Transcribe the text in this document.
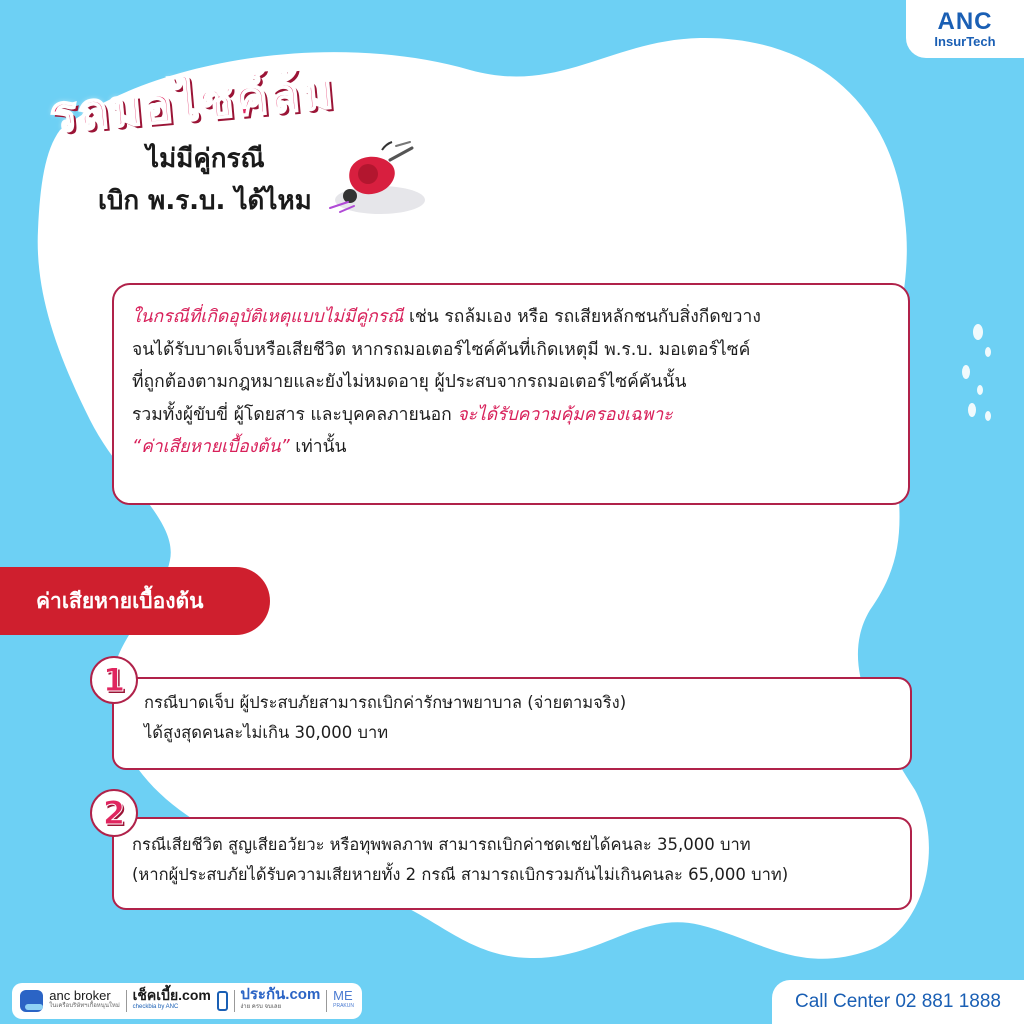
ANC
InsurTech
รถมอไซค์ล้ม
ไม่มีคู่กรณี
เบิก พ.ร.บ. ได้ไหม

ในกรณีที่เกิดอุบัติเหตุแบบไม่มีคู่กรณี เช่น รถล้มเอง หรือ รถเสียหลักชนกับสิ่งกีดขวาง

จนได้รับบาดเจ็บหรือเสียชีวิต หากรถมอเตอร์ไซค์คันที่เกิดเหตุมี พ.ร.บ. มอเตอร์ไซค์

ที่ถูกต้องตามกฎหมายและยังไม่หมดอายุ ผู้ประสบจากรถมอเตอร์ไซค์คันนั้น

รวมทั้งผู้ขับขี่ ผู้โดยสาร และบุคคลภายนอก จะได้รับความคุ้มครองเฉพาะ

“ค่าเสียหายเบื้องต้น” เท่านั้น

ค่าเสียหายเบื้องต้น

กรณีบาดเจ็บ ผู้ประสบภัยสามารถเบิกค่ารักษาพยาบาล (จ่ายตามจริง)

ได้สูงสุดคนละไม่เกิน 30,000 บาท

1

กรณีเสียชีวิต สูญเสียอวัยวะ หรือทุพพลภาพ สามารถเบิกค่าชดเชยได้คนละ 35,000 บาท

(หากผู้ประสบภัยได้รับความเสียหายทั้ง 2 กรณี สามารถเบิกรวมกันไม่เกินคนละ 65,000 บาท)

2
anc broker
ในเครือบริษัทฯเกื้อหนุนใหม่
เช็คเบี้ย.com
checkbia by ANC
ประกัน.com
ง่าย ครบ จบเลย
ME
PRAKUN	Call Center 02 881 1888
